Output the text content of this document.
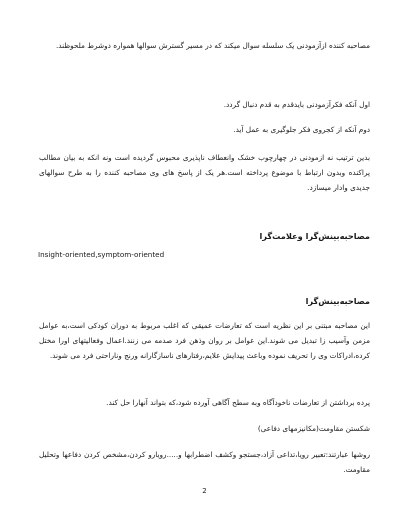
مصاحبه کننده ازآزمودنی یک سلسله سوال میکند که در مسیر گسترش سوالها همواره دوشرط ملحوظند.
اول آنکه فکرآزمودنی بایدقدم به قدم دنبال گردد.
دوم آنکه از کجروی فکر جلوگیری به عمل آید.
بدین ترتیب نه ازمودنی در چهارچوب خشک وانعطاف ناپذیری محبوس گردیده است ونه انکه به بیان مطالب پراکنده وبدون ارتباط با موضوع پرداخته است.هر یک از پاسخ های وی مصاحبه کننده را به طرح سوالهای جدیدی وادار میسازد.
مصاحبه‌بینش‌گرا وعلامت‌گرا
Insight-oriented,symptom-oriented
مصاحبه‌بینش‌گرا
این مصاحبه مبتنی بر این نظریه است که تعارضات عمیقی که اغلب مربوط به دوران کودکی است،به عوامل مزمن وآسیب زا تبدیل می شوند.این عوامل بر روان وذهن فرد صدمه می زنند.اعمال وفعالیتهای اورا مختل کرده،ادراکات وی را تحریف نموده وباعث پیدایش علایم،رفتارهای ناسازگارانه ورنج وناراحتی فرد می شوند.
پرده برداشتن از تعارضات ناخودآگاه وبه سطح آگاهی آورده شود،که بتواند آنهارا حل کند.
شکستن مقاومت(مکانیزمهای دفاعی)
روشها عبارتند:تعبیر رویا،تداعی آزاد،جستجو وکشف اضطرابها و.....رویارو کردن،مشخص کردن دفاعها وتحلیل مقاومت.
2
